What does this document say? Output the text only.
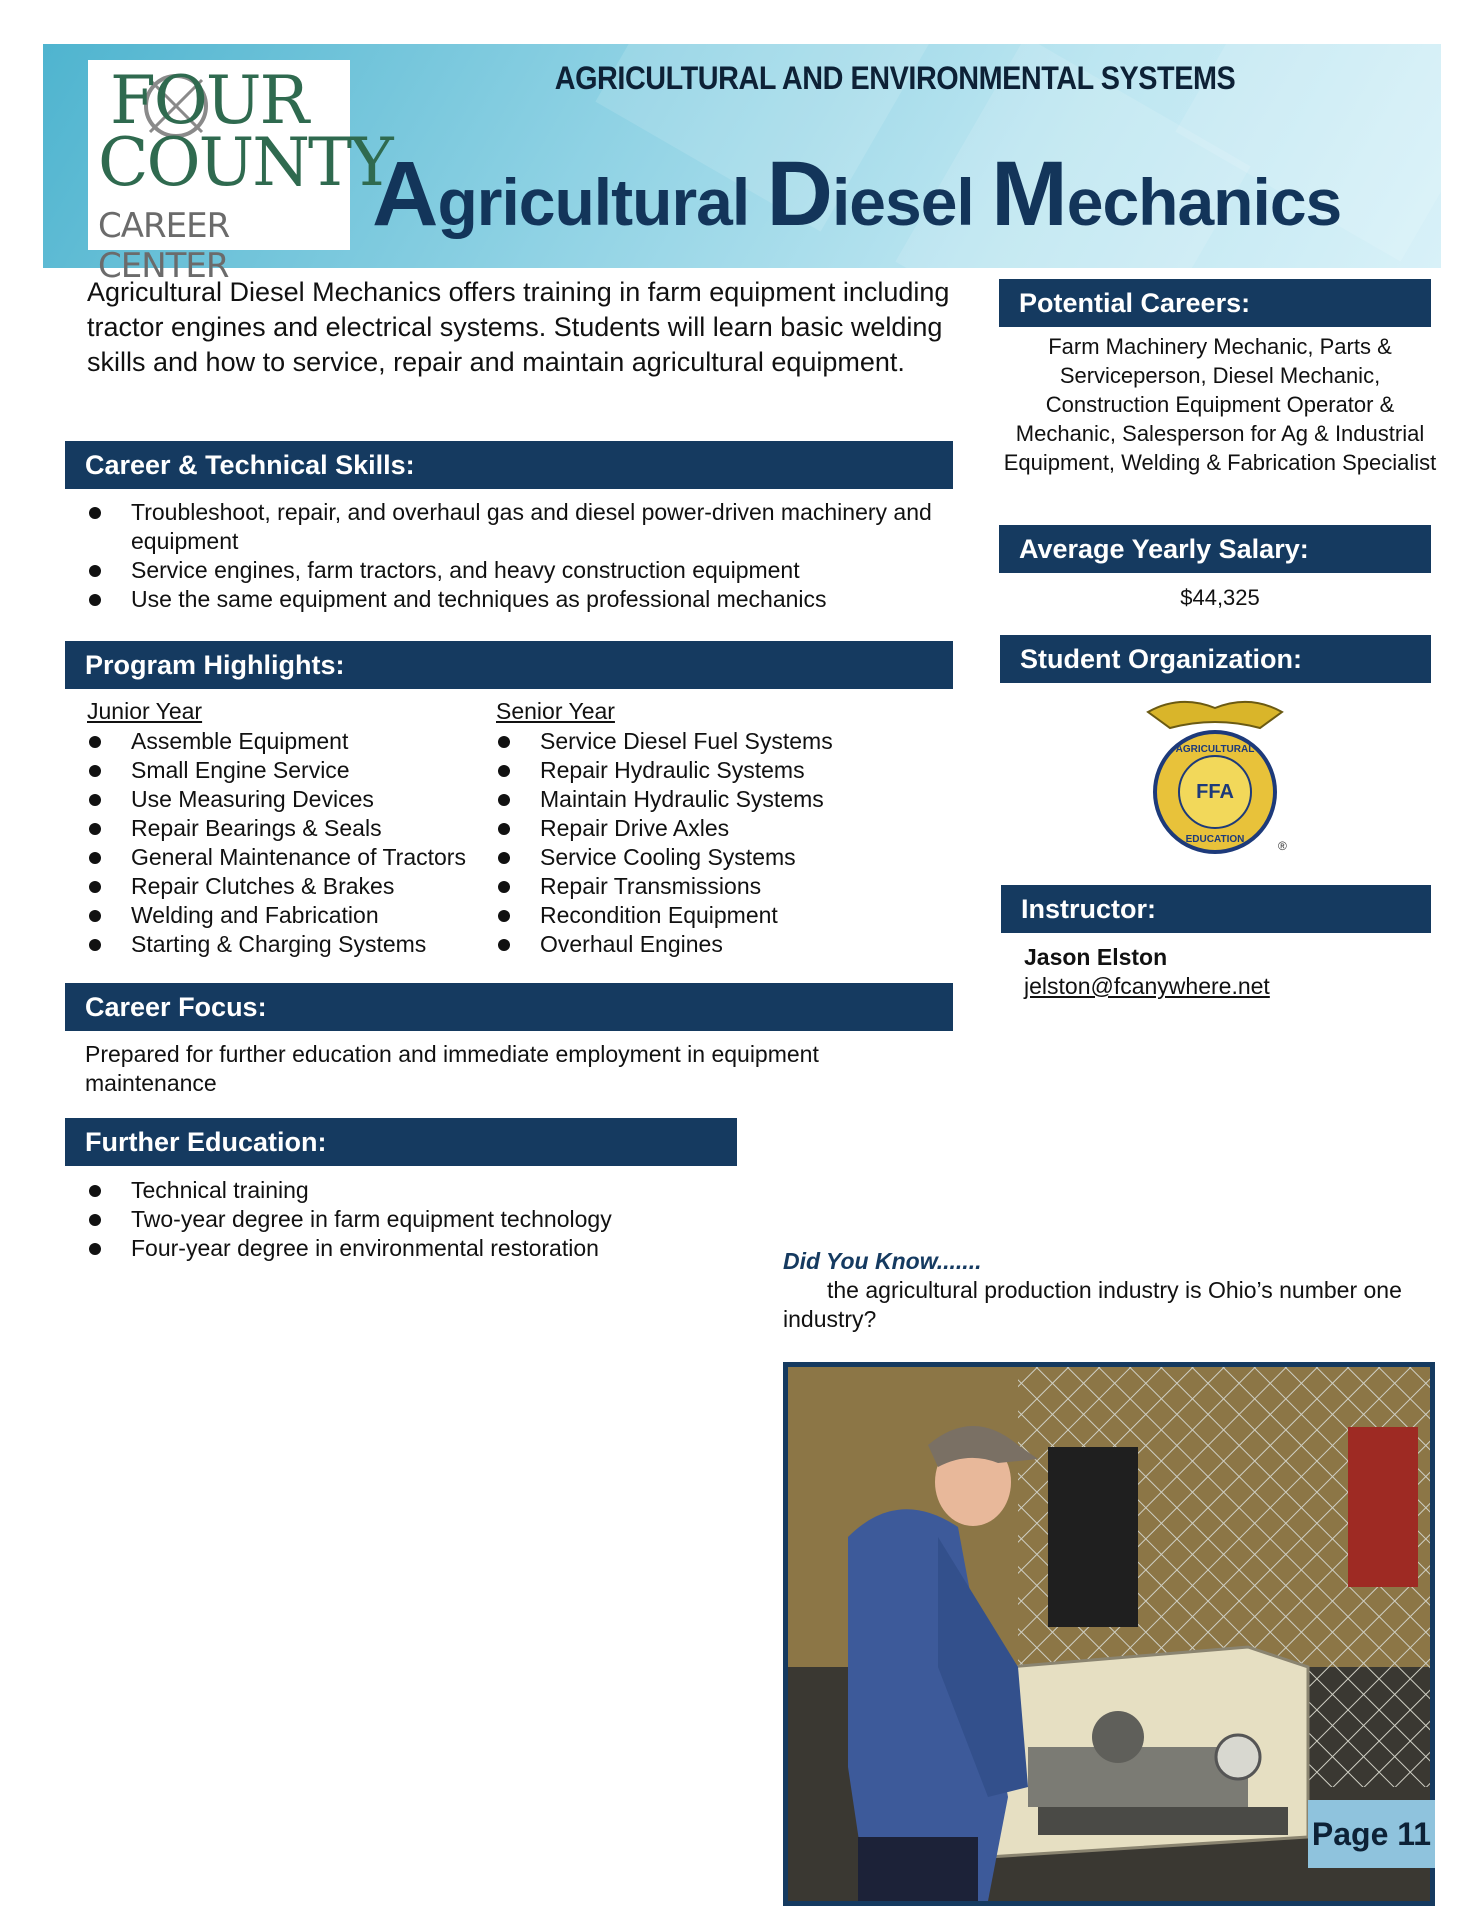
FOUR
COUNTY
CAREER CENTER
AGRICULTURAL AND ENVIRONMENTAL SYSTEMS
Agricultural Diesel Mechanics
Agricultural Diesel Mechanics offers training in farm equipment including tractor engines and electrical systems. Students will learn basic welding skills and how to service, repair and maintain agricultural equipment.
Career & Technical Skills:
Troubleshoot, repair, and overhaul gas and diesel power-driven machinery and equipment
Service engines, farm tractors, and heavy construction equipment
Use the same equipment and techniques as professional mechanics
Program Highlights:
Junior Year
Assemble Equipment
Small Engine Service
Use Measuring Devices
Repair Bearings & Seals
General Maintenance of Tractors
Repair Clutches & Brakes
Welding and Fabrication
Starting & Charging Systems
Senior Year
Service Diesel Fuel Systems
Repair Hydraulic Systems
Maintain Hydraulic Systems
Repair Drive Axles
Service Cooling Systems
Repair Transmissions
Recondition Equipment
Overhaul Engines
Career Focus:
Prepared for further education and immediate employment in equipment maintenance
Further Education:
Technical training
Two-year degree in farm equipment technology
Four-year degree in environmental restoration
Potential Careers:
Farm Machinery Mechanic, Parts & Serviceperson, Diesel Mechanic, Construction Equipment Operator & Mechanic, Salesperson for Ag & Industrial Equipment, Welding & Fabrication Specialist
Average Yearly Salary:
$44,325
Student Organization:
AGRICULTURAL
FFA
EDUCATION	®
Instructor:
Jason Elston
jelston@fcanywhere.net
Did You Know.......
the agricultural production industry is Ohio’s number one industry?
Page 11
